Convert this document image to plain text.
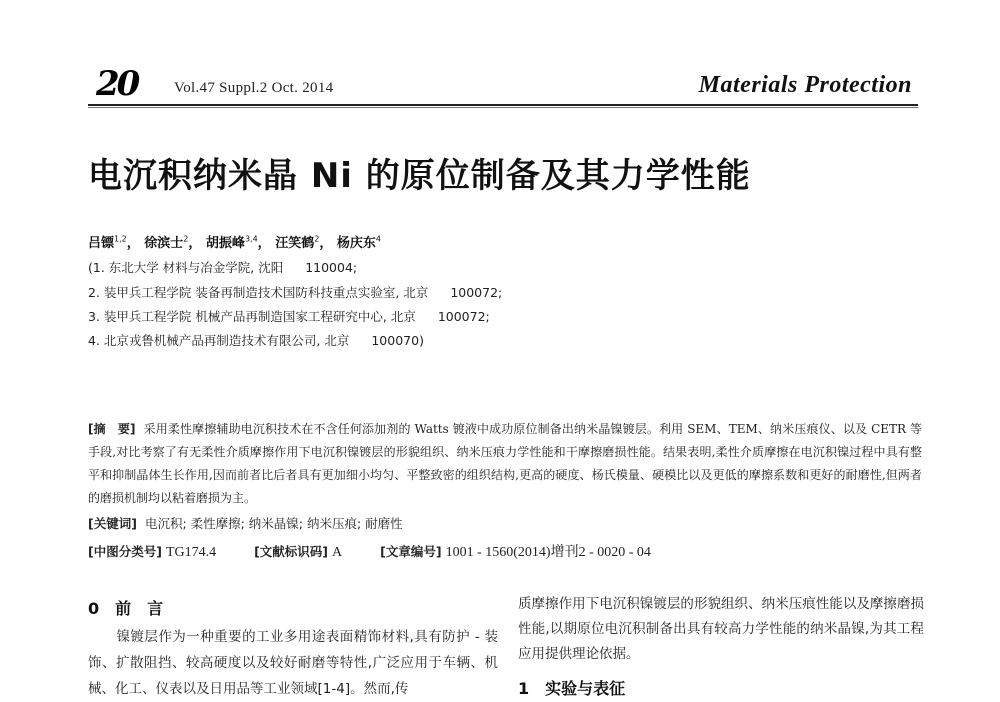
20 Vol.47 Suppl.2 Oct. 2014	Materials Protection
电沉积纳米晶 Ni 的原位制备及其力学性能
吕镖$^{1,2}$， 徐滨士$^2$， 胡振峰$^{3,4}$， 汪笑鹤$^2$， 杨庆东$^4$
(1. 东北大学 材料与冶金学院, 沈阳 110004;
2. 装甲兵工程学院 装备再制造技术国防科技重点实验室, 北京 100072;
3. 装甲兵工程学院 机械产品再制造国家工程研究中心, 北京 100072;
4. 北京戎鲁机械产品再制造技术有限公司, 北京 100070)
[摘　要] 采用柔性摩擦辅助电沉积技术在不含任何添加剂的 Watts 镀液中成功原位制备出纳米晶镍镀层。利用 SEM、TEM、纳米压痕仪、以及 CETR 等手段,对比考察了有无柔性介质摩擦作用下电沉积镍镀层的形貌组织、纳米压痕力学性能和干摩擦磨损性能。结果表明,柔性介质摩擦在电沉积镍过程中具有整平和抑制晶体生长作用,因而前者比后者具有更加细小均匀、平整致密的组织结构,更高的硬度、杨氏模量、硬模比以及更低的摩擦系数和更好的耐磨性,但两者的磨损机制均以粘着磨损为主。
[关键词] 电沉积; 柔性摩擦; 纳米晶镍; 纳米压痕; 耐磨性
[中图分类号] TG174.4	[文献标识码] A	[文章编号] 1001 - 1560(2014)增刊2 - 0020 - 04
0 前　言
镍镀层作为一种重要的工业多用途表面精饰材料,具有防护 - 装饰、扩散阻挡、较高硬度以及较好耐磨等特性,广泛应用于车辆、机械、化工、仪表以及日用品等工业领域[1-4]。然而,传
质摩擦作用下电沉积镍镀层的形貌组织、纳米压痕性能以及摩擦磨损性能,以期原位电沉积制备出具有较高力学性能的纳米晶镍,为其工程应用提供理论依据。
1　 实验与表征
